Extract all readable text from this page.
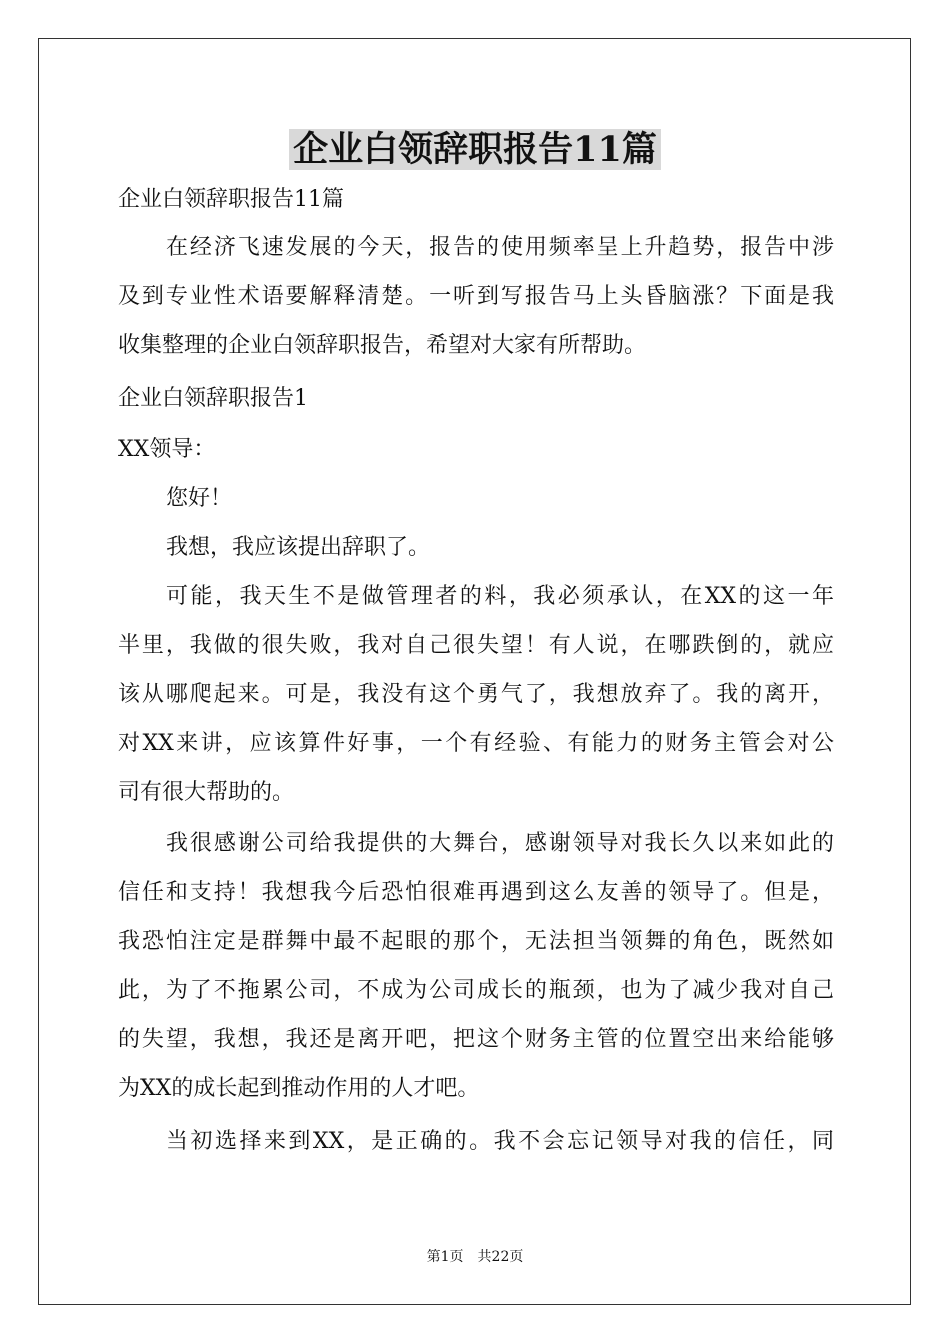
企业白领辞职报告11篇

企业白领辞职报告11篇

在经济飞速发展的今天，报告的使用频率呈上升趋势，报告中涉
及到专业性术语要解释清楚。一听到写报告马上头昏脑涨？下面是我
收集整理的企业白领辞职报告，希望对大家有所帮助。

企业白领辞职报告1

XX领导：

您好！

我想，我应该提出辞职了。

可能，我天生不是做管理者的料，我必须承认，在XX的这一年
半里，我做的很失败，我对自己很失望！有人说，在哪跌倒的，就应
该从哪爬起来。可是，我没有这个勇气了，我想放弃了。我的离开，
对XX来讲，应该算件好事，一个有经验、有能力的财务主管会对公
司有很大帮助的。
我很感谢公司给我提供的大舞台，感谢领导对我长久以来如此的
信任和支持！我想我今后恐怕很难再遇到这么友善的领导了。但是，
我恐怕注定是群舞中最不起眼的那个，无法担当领舞的角色，既然如
此，为了不拖累公司，不成为公司成长的瓶颈，也为了减少我对自己
的失望，我想，我还是离开吧，把这个财务主管的位置空出来给能够
为XX的成长起到推动作用的人才吧。
当初选择来到XX，是正确的。我不会忘记领导对我的信任，同
第1页　共22页
